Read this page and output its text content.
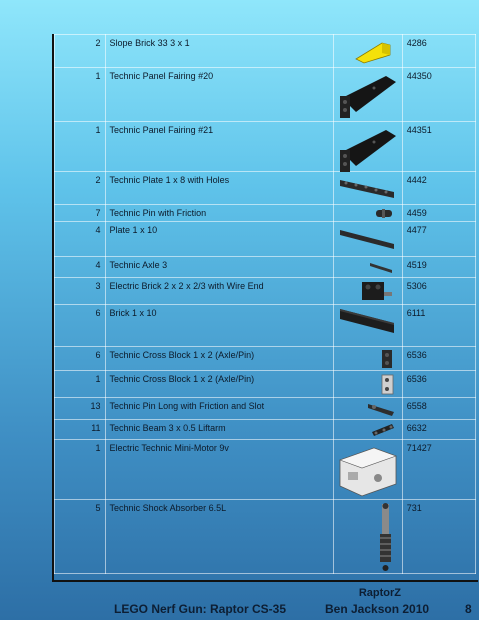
2	Slope Brick 33 3 x 1		4286
1	Technic Panel Fairing #20		44350
1	Technic Panel Fairing #21		44351
2	Technic Plate 1 x 8 with Holes		4442
7	Technic Pin with Friction		4459
4	Plate 1 x 10		4477
4	Technic Axle 3		4519
3	Electric Brick 2 x 2 x 2/3 with Wire End		5306
6	Brick 1 x 10		6111
6	Technic Cross Block 1 x 2 (Axle/Pin)		6536
1	Technic Cross Block 1 x 2 (Axle/Pin)		6536
13	Technic Pin Long with Friction and Slot		6558
11	Technic Beam 3 x 0.5 Liftarm		6632
1	Electric Technic Mini-Motor 9v		71427
5	Technic Shock Absorber 6.5L		731
RaptorZ
LEGO Nerf Gun: Raptor CS-35	Ben Jackson 2010	8
